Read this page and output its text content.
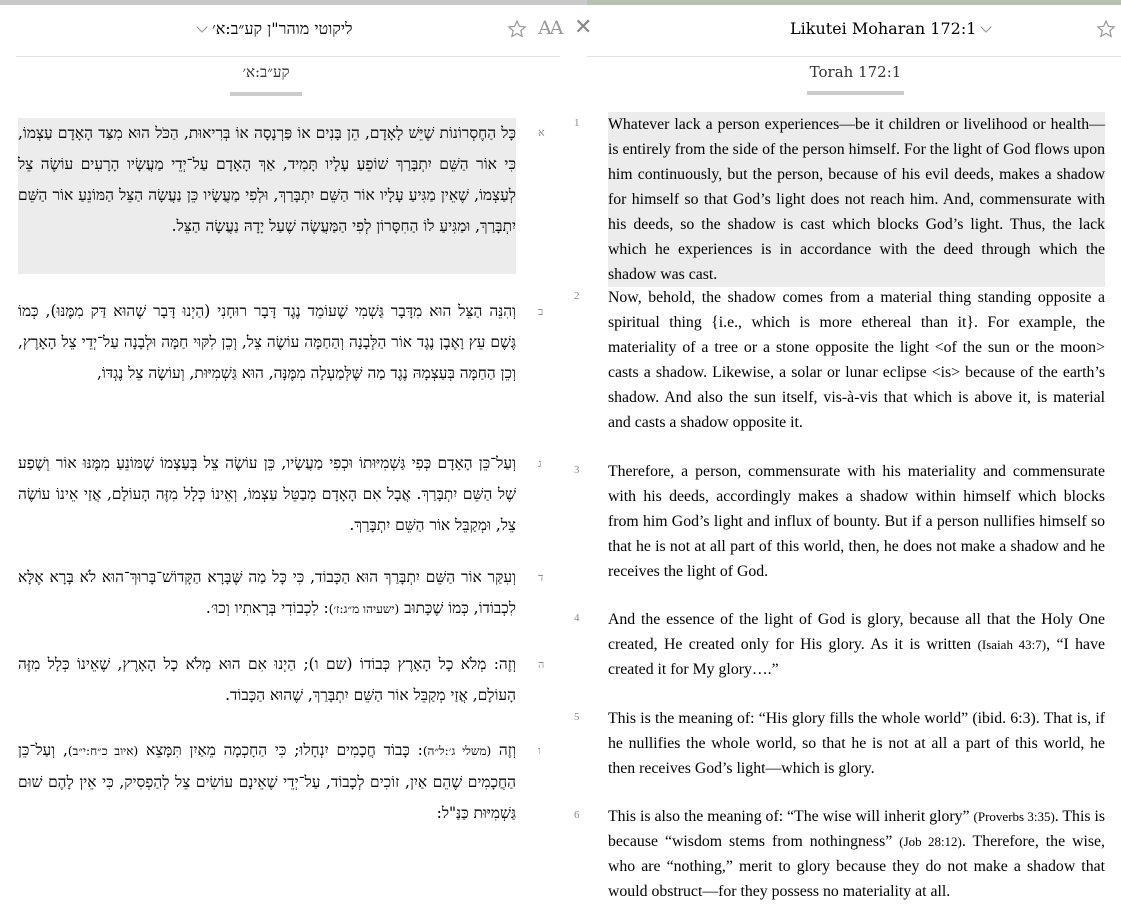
ליקוטי מוהר"ן קע״ב:א׳	AA
קע״ב:א׳
א
כָּל הַחֶסְרוֹנוֹת שֶׁיֵּשׁ לָאָדָם, הֵן בָּנִים אוֹ פַּרְנָסָה אוֹ בְּרִיאוּת, הַכֹּל הוּא מִצַּד הָאָדָם עַצְמוֹ, כִּי אוֹר הַשֵּׁם יִתְבָּרַךְ שׁוֹפֵעַ עָלָיו תָּמִיד, אַךְ הָאָדָם עַל־יְדֵי מַעֲשָׂיו הָרָעִים עוֹשֶׂה צֵל לְעַצְמוֹ, שֶׁאֵין מַגִּיעַ עָלָיו אוֹר הַשֵּׁם יִתְבָּרַךְ, וּלְפִי מַעֲשָׂיו כֵּן נַעֲשָׂה הַצֵּל הַמּוֹנֵעַ אוֹר הַשֵּׁם יִתְבָּרַךְ, וּמַגִּיעַ לוֹ הַחִסָּרוֹן לְפִי הַמַּעֲשֶׂה שֶׁעַל יָדָהּ נַעֲשָׂה הַצֵּל.
ב
וְהִנֵּה הַצֵּל הוּא מִדָּבָר גַּשְׁמִי שֶׁעוֹמֵד נֶגֶד דָּבָר רוּחָנִי (הַיְנוּ דָּבָר שֶׁהוּא דַּק מִמֶּנּוּ), כְּמוֹ גֶּשֶׁם עֵץ וָאֶבֶן נֶגֶד אוֹר הַלְּבָנָה וְהַחַמָּה עוֹשֶׂה צֵל, וְכֵן לִקּוּי חַמָּה וּלְבָנָה עַל־יְדֵי צֵל הָאָרֶץ, וְכֵן הַחַמָּה בְּעַצְמָהּ נֶגֶד מַה שֶּׁלְּמַעְלָה מִמֶּנָּה, הוּא גַּשְׁמִיּוּת, וְעוֹשָׂה צֵל נֶגְדּוֹ,
ג
וְעַל־כֵּן הָאָדָם כְּפִי גַּשְׁמִיּוּתוֹ וּכְפִי מַעֲשָׂיו, כֵּן עוֹשֶׂה צֵל בְּעַצְמוֹ שֶׁמּוֹנֵעַ מִמֶּנּוּ אוֹר וְשֶׁפַע שֶׁל הַשֵּׁם יִתְבָּרַךְ. אֲבָל אִם הָאָדָם מְבַטֵּל עַצְמוֹ, וְאֵינוֹ כְּלָל מִזֶּה הָעוֹלָם, אֲזַי אֵינוֹ עוֹשֶׂה צֵל, וּמְקַבֵּל אוֹר הַשֵּׁם יִתְבָּרַךְ.
ד
וְעִקַּר אוֹר הַשֵּׁם יִתְבָּרַךְ הוּא הַכָּבוֹד, כִּי כָּל מַה שֶּׁבָּרָא הַקָּדוֹשׁ־בָּרוּךְ־הוּא לֹא בָּרָא אֶלָּא לִכְבוֹדוֹ, כְּמוֹ שֶׁכָּתוּב (ישעיהו מ״ג:ז׳): לִכְבוֹדִי בְּרָאתִיו וְכוּ׳.
ה
וְזֶה: מְלֹא כָל הָאָרֶץ כְּבוֹדוֹ (שם ו); הַיְנוּ אִם הוּא מְלֹא כָל הָאָרֶץ, שֶׁאֵינוֹ כְּלָל מִזֶּה הָעוֹלָם, אֲזַי מְקַבֵּל אוֹר הַשֵּׁם יִתְבָּרַךְ, שֶׁהוּא הַכָּבוֹד.
ו
וְזֶה (משלי ג׳:ל״ה): כָּבוֹד חֲכָמִים יִנְחָלוּ; כִּי הַחָכְמָה מֵאַיִן תִּמָּצֵא (איוב כ״ח:י״ב), וְעַל־כֵּן הַחֲכָמִים שֶׁהֵם אַיִן, זוֹכִים לְכָבוֹד, עַל־יְדֵי שֶׁאֵינָם עוֹשִׂים צֵל לְהַפְסִיק, כִּי אֵין לָהֶם שׁוּם גַּשְׁמִיּוּת כַּנַּ"ל:
✕	Likutei Moharan 172:1
Torah 172:1
1 Whatever lack a person experiences—be it children or livelihood or health—is entirely from the side of the person himself. For the light of God flows upon him continuously, but the person, because of his evil deeds, makes a shadow for himself so that God’s light does not reach him. And, commensurate with his deeds, so the shadow is cast which blocks God’s light. Thus, the lack which he experiences is in accordance with the deed through which the shadow was cast.
2 Now, behold, the shadow comes from a material thing standing opposite a spiritual thing {i.e., which is more ethereal than it}. For example, the materiality of a tree or a stone opposite the light <of the sun or the moon> casts a shadow. Likewise, a solar or lunar eclipse <is> because of the earth’s shadow. And also the sun itself, vis-à-vis that which is above it, is material and casts a shadow opposite it.
3 Therefore, a person, commensurate with his materiality and commensurate with his deeds, accordingly makes a shadow within himself which blocks from him God’s light and influx of bounty. But if a person nullifies himself so that he is not at all part of this world, then, he does not make a shadow and he receives the light of God.
4 And the essence of the light of God is glory, because all that the Holy One created, He created only for His glory. As it is written (Isaiah 43:7), “I have created it for My glory….”
5 This is the meaning of: “His glory fills the whole world” (ibid. 6:3). That is, if he nullifies the whole world, so that he is not at all a part of this world, he then receives God’s light—which is glory.
6 This is also the meaning of: “The wise will inherit glory” (Proverbs 3:35). This is because “wisdom stems from nothingness” (Job 28:12). Therefore, the wise, who are “nothing,” merit to glory because they do not make a shadow that would obstruct—for they possess no materiality at all.
